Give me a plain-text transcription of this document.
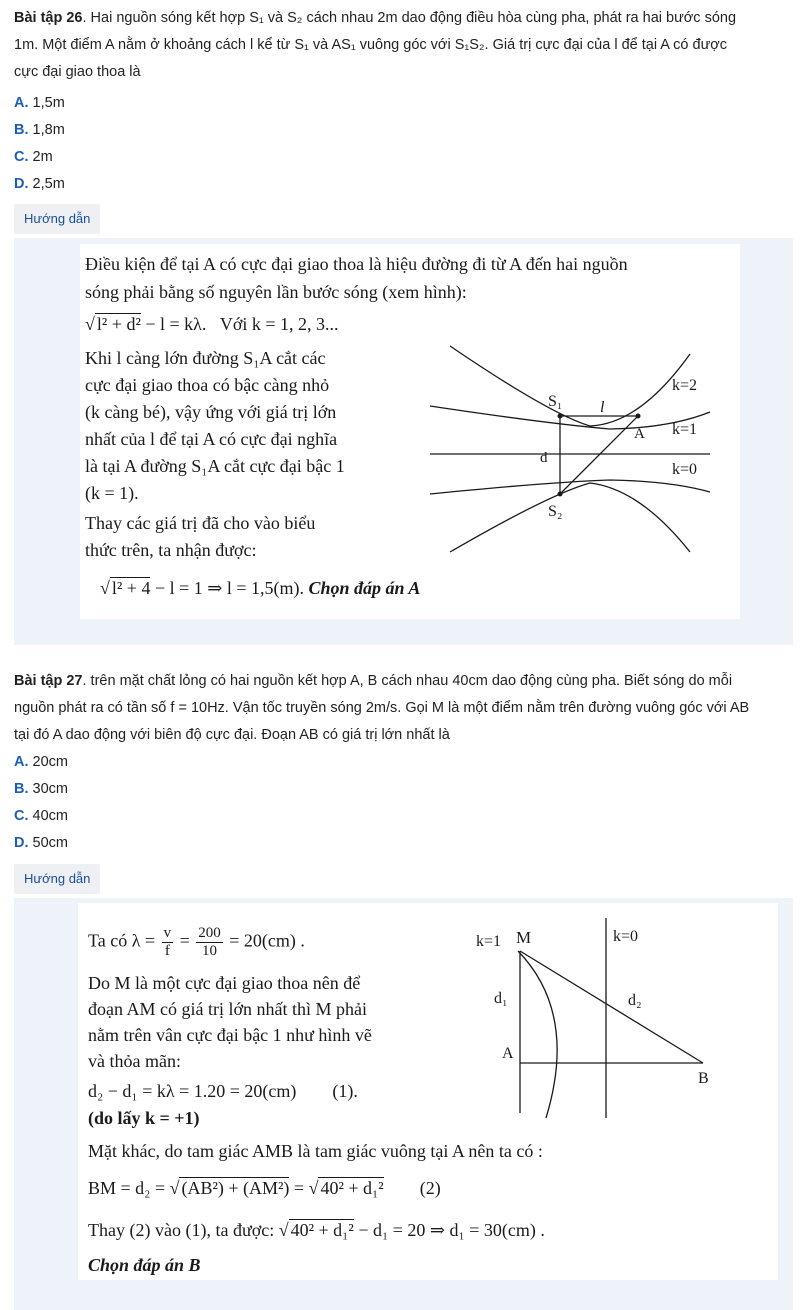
Bài tập 26. Hai nguồn sóng kết hợp S₁ và S₂ cách nhau 2m dao động điều hòa cùng pha, phát ra hai bước sóng
1m. Một điểm A nằm ở khoảng cách l kể từ S₁ và AS₁ vuông góc với S₁S₂. Giá trị cực đại của l để tại A có được
cực đại giao thoa là
A. 1,5m
B. 1,8m
C. 2m
D. 2,5m
Hướng dẫn
Điều kiện để tại A có cực đại giao thoa là hiệu đường đi từ A đến hai nguồn
sóng phải bằng số nguyên lần bước sóng (xem hình):
√ l² + d² − l = kλ. Với k = 1, 2, 3...
Khi l càng lớn đường S₁A cắt các
cực đại giao thoa có bậc càng nhỏ
(k càng bé), vậy ứng với giá trị lớn
nhất của l để tại A có cực đại nghĩa
là tại A đường S₁A cắt cực đại bậc 1
(k = 1).
Thay các giá trị đã cho vào biểu
thức trên, ta nhận được:
√ l² + 4 − l = 1 ⇒ l = 1,5(m). Chọn đáp án A
k=2
k=1
k=0
S₁
S₂
l
A
d
Bài tập 27. trên mặt chất lỏng có hai nguồn kết hợp A, B cách nhau 40cm dao động cùng pha. Biết sóng do mỗi
nguồn phát ra có tần số f = 10Hz. Vận tốc truyền sóng 2m/s. Gọi M là một điểm nằm trên đường vuông góc với AB
tại đó A dao động với biên độ cực đại. Đoạn AB có giá trị lớn nhất là
A. 20cm
B. 30cm
C. 40cm
D. 50cm
Hướng dẫn
Ta có $\lambda = \frac{v}{f} = \frac{200}{10} = 20(cm)$ .
Do M là một cực đại giao thoa nên để
đoạn AM có giá trị lớn nhất thì M phải
nằm trên vân cực đại bậc 1 như hình vẽ
và thỏa mãn:
d₂ − d₁ = kλ = 1.20 = 20(cm) (1).
(do lấy k = +1)
Mặt khác, do tam giác AMB là tam giác vuông tại A nên ta có :
BM = d₂ = √ (AB²) + (AM²) = √ 40² + d₁² (2)
Thay (2) vào (1), ta được: √ 40² + d₁² − d₁ = 20 ⇒ d₁ = 30(cm) .
Chọn đáp án B
k=1 M	k=0
d₁	d₂
A
B
